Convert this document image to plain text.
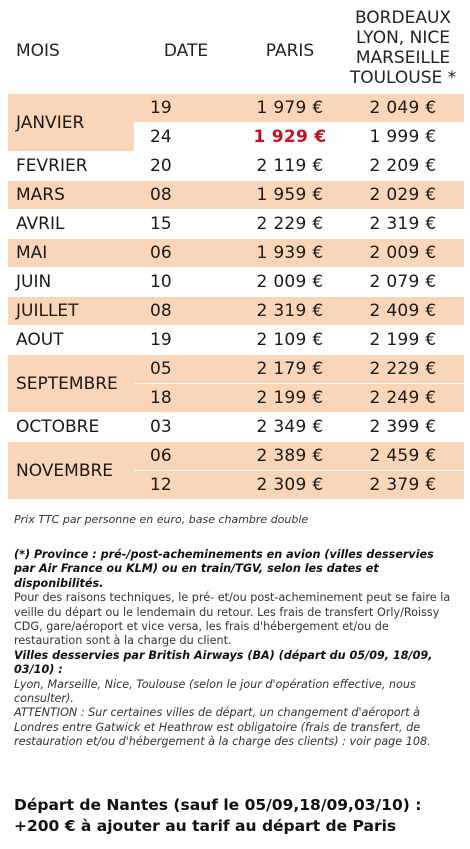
MOIS	DATE	PARIS	BORDEAUX
LYON, NICE
MARSEILLE
TOULOUSE *

JANVIER	19	1 979 €	2 049 €
	24	1 929 €	1 999 €
FEVRIER	20	2 119 €	2 209 €
MARS	08	1 959 €	2 029 €
AVRIL	15	2 229 €	2 319 €
MAI	06	1 939 €	2 009 €
JUIN	10	2 009 €	2 079 €
JUILLET	08	2 319 €	2 409 €
AOUT	19	2 109 €	2 199 €
SEPTEMBRE	05	2 179 €	2 229 €
	18	2 199 €	2 249 €
OCTOBRE	03	2 349 €	2 399 €
NOVEMBRE	06	2 389 €	2 459 €
	12	2 309 €	2 379 €
Prix TTC par personne en euro, base chambre double

(*) Province : pré-/post-acheminements en avion (villes desservies par Air France ou KLM) ou en train/TGV, selon les dates et disponibilités.

Pour des raisons techniques, le pré- et/ou post-acheminement peut se faire la veille du départ ou le lendemain du retour. Les frais de transfert Orly/Roissy CDG, gare/aéroport et vice versa, les frais d'hébergement et/ou de restauration sont à la charge du client.

Villes desservies par British Airways (BA) (départ du 05/09, 18/09, 03/10) :

Lyon, Marseille, Nice, Toulouse (selon le jour d'opération effective, nous consulter).

ATTENTION : Sur certaines villes de départ, un changement d'aéroport à Londres entre Gatwick et Heathrow est obligatoire (frais de transfert, de restauration et/ou d'hébergement à la charge des clients) : voir page 108.

Départ de Nantes (sauf le 05/09,18/09,03/10) :

+200 € à ajouter au tarif au départ de Paris
